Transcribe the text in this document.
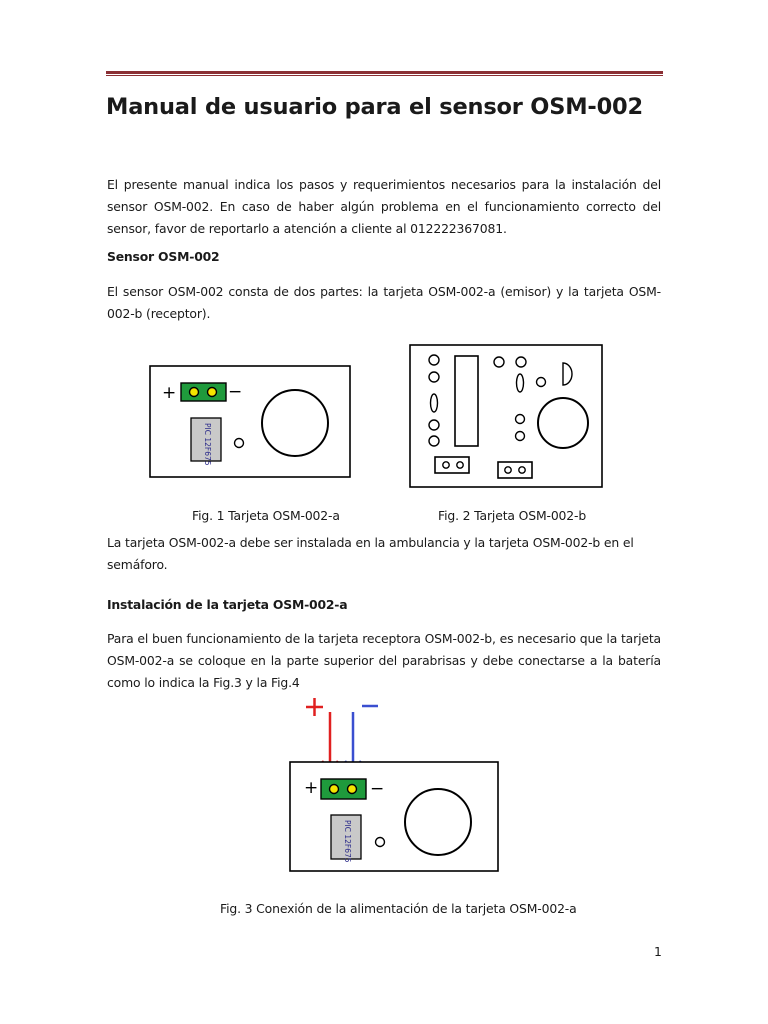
Manual de usuario para el sensor OSM-002

El presente manual indica los pasos y requerimientos necesarios para la instalación del sensor OSM-002. En caso de haber algún problema en el funcionamiento correcto del sensor, favor de reportarlo a atención a cliente al 012222367081.

Sensor OSM-002

El sensor OSM-002 consta de dos partes: la tarjeta OSM-002-a (emisor) y la tarjeta OSM-002-b (receptor).

+	−
PIC 12F675
+	−
PIC 12F675
Fig. 1 Tarjeta OSM-002-a	Fig. 2 Tarjeta OSM-002-b

La tarjeta OSM-002-a debe ser instalada en la ambulancia y la tarjeta OSM-002-b en el semáforo.

Instalación de la tarjeta OSM-002-a

Para el buen funcionamiento de la tarjeta receptora OSM-002-b, es necesario que la tarjeta OSM-002-a se coloque en la parte superior del parabrisas y debe conectarse a la batería como lo indica la Fig.3 y la Fig.4

Fig. 3 Conexión de la alimentación de la tarjeta OSM-002-a
1
